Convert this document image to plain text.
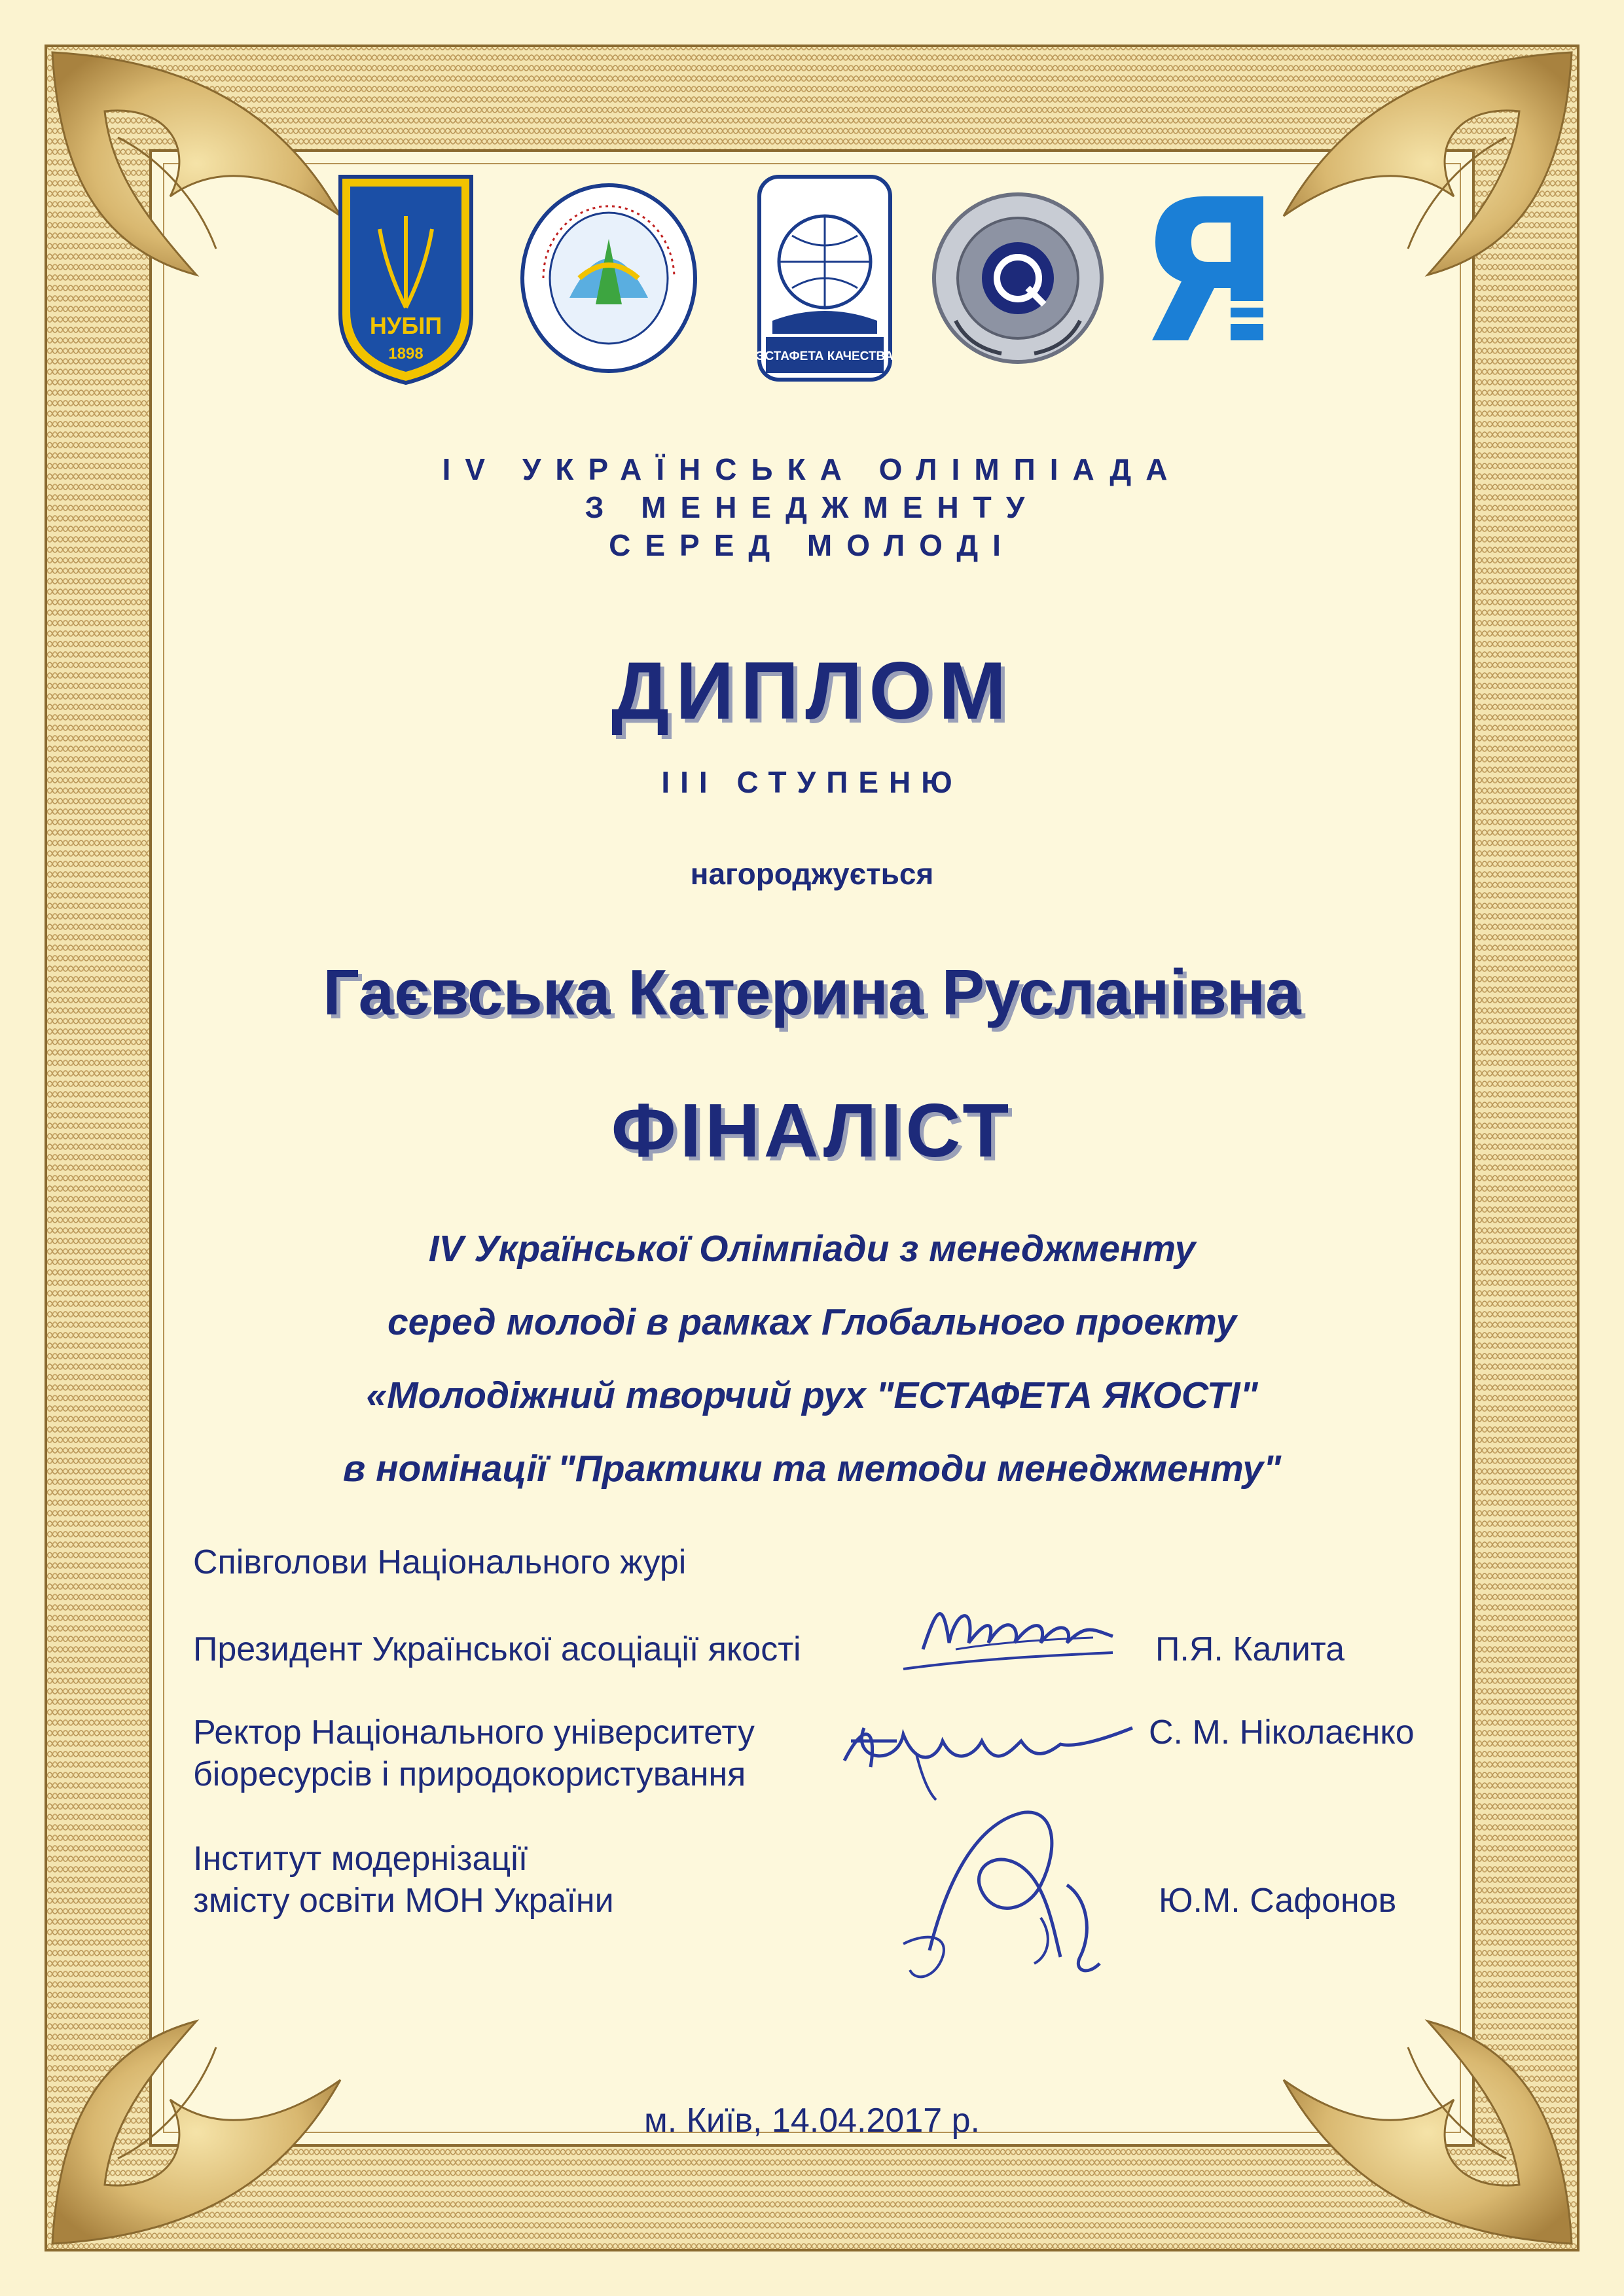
НУБІП
1898	ЭСТАФЕТА КАЧЕСТВА
IV УКРАЇНСЬКА ОЛІМПІАДА
З МЕНЕДЖМЕНТУ
СЕРЕД МОЛОДІ
ДИПЛОМ
ІІІ СТУПЕНЮ
нагороджується
Гаєвська Катерина Русланівна
ФІНАЛІСТ
IV Української Олімпіади з менеджменту
серед молоді в рамках Глобального проекту
«Молодіжний творчий рух "ЕСТАФЕТА ЯКОСТІ"
в номінації "Практики та методи менеджменту"
Співголови Національного журі
Президент Української асоціації якості	П.Я. Калита
Ректор Національного університету
біоресурсів і природокористування
С. М. Ніколаєнко
Інститут модернізації
змісту освіти МОН України	Ю.М. Сафонов
м. Київ, 14.04.2017 р.
